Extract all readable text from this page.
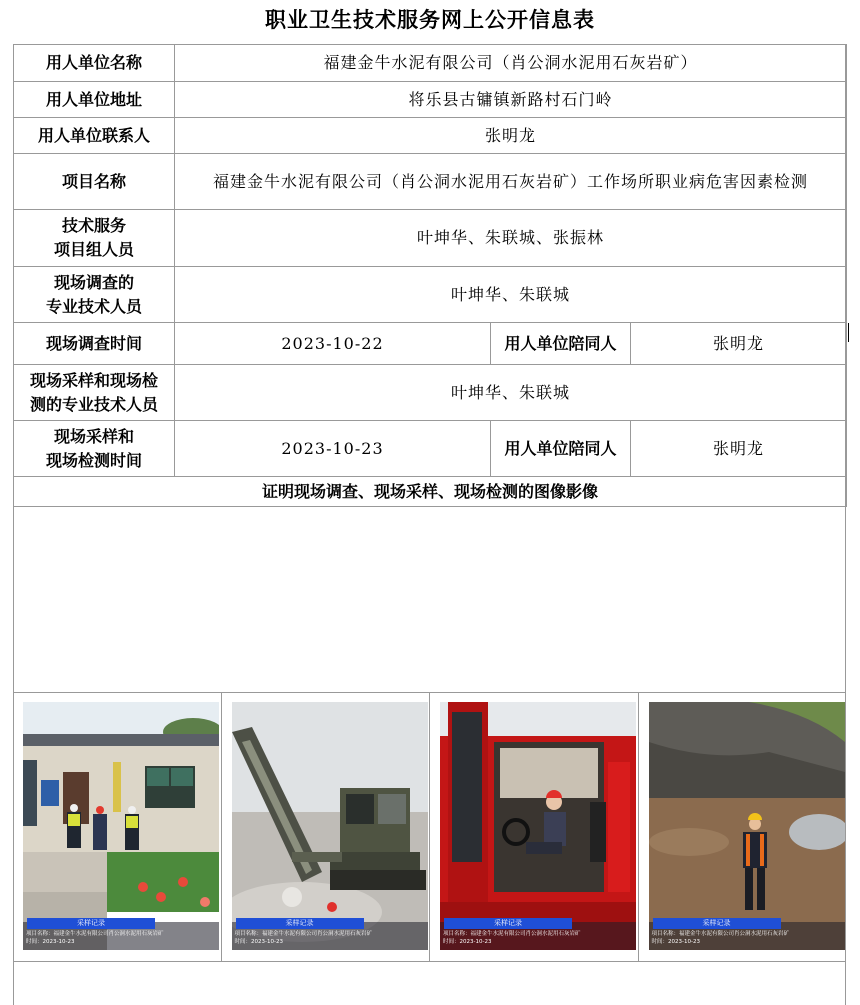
职业卫生技术服务网上公开信息表
用人单位名称	福建金牛水泥有限公司（肖公洞水泥用石灰岩矿）		
用人单位地址	将乐县古镛镇新路村石门岭		
用人单位联系人	张明龙		
项目名称	福建金牛水泥有限公司（肖公洞水泥用石灰岩矿）工作场所职业病危害因素检测		

技术服务
项目组人员	叶坤华、朱联城、张振林		

现场调查的
专业技术人员	叶坤华、朱联城		
现场调查时间	2023-10-22	用人单位陪同人	张明龙

现场采样和现场检
测的专业技术人员	叶坤华、朱联城		

现场采样和
现场检测时间	2023-10-23	用人单位陪同人	张明龙
证明现场调查、现场采样、现场检测的图像影像			
采样记录
项目名称：福建金牛水泥有限公司肖公洞水泥用石灰岩矿
时间：2023-10-23
采样记录
项目名称：福建金牛水泥有限公司肖公洞水泥用石灰岩矿
时间：2023-10-23
采样记录
项目名称：福建金牛水泥有限公司肖公洞水泥用石灰岩矿
时间：2023-10-23
采样记录
项目名称：福建金牛水泥有限公司肖公洞水泥用石灰岩矿
时间：2023-10-23
